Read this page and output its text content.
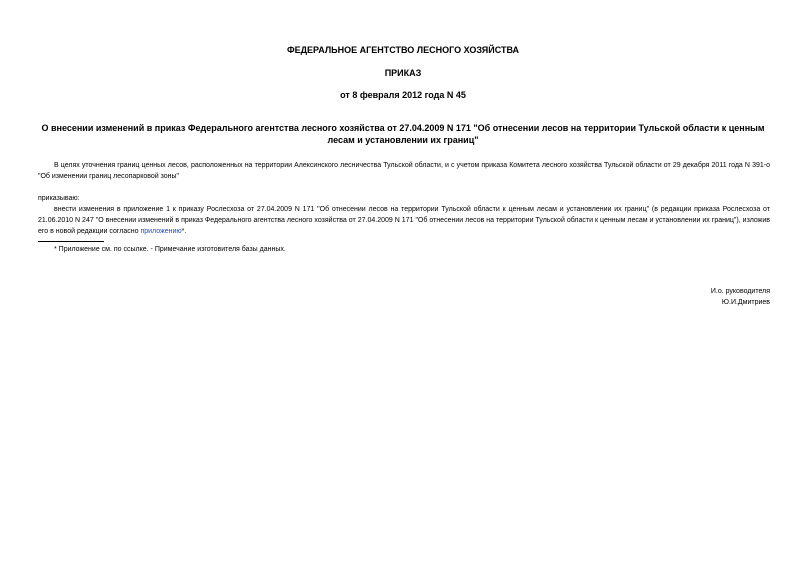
ФЕДЕРАЛЬНОЕ АГЕНТСТВО ЛЕСНОГО ХОЗЯЙСТВА
ПРИКАЗ
от 8 февраля 2012 года N 45
О внесении изменений в приказ Федерального агентства лесного хозяйства от 27.04.2009 N 171 "Об отнесении лесов на территории Тульской области к ценным лесам и установлении их границ"
В целях уточнения границ ценных лесов, расположенных на территории Алексинского лесничества Тульской области, и с учетом приказа Комитета лесного хозяйства Тульской области от 29 декабря 2011 года N 391-о "Об изменении границ лесопарковой зоны"
приказываю:
внести изменения в приложение 1 к приказу Рослесхоза от 27.04.2009 N 171 "Об отнесении лесов на территории Тульской области к ценным лесам и установлении их границ" (в редакции приказа Рослесхоза от 21.06.2010 N 247 "О внесении изменений в приказ Федерального агентства лесного хозяйства от 27.04.2009 N 171 "Об отнесении лесов на территории Тульской области к ценным лесам и установлении их границ"), изложив его в новой редакции согласно приложению*.
* Приложение см. по ссылке. - Примечание изготовителя базы данных.
И.о. руководителя
Ю.И.Дмитриев
